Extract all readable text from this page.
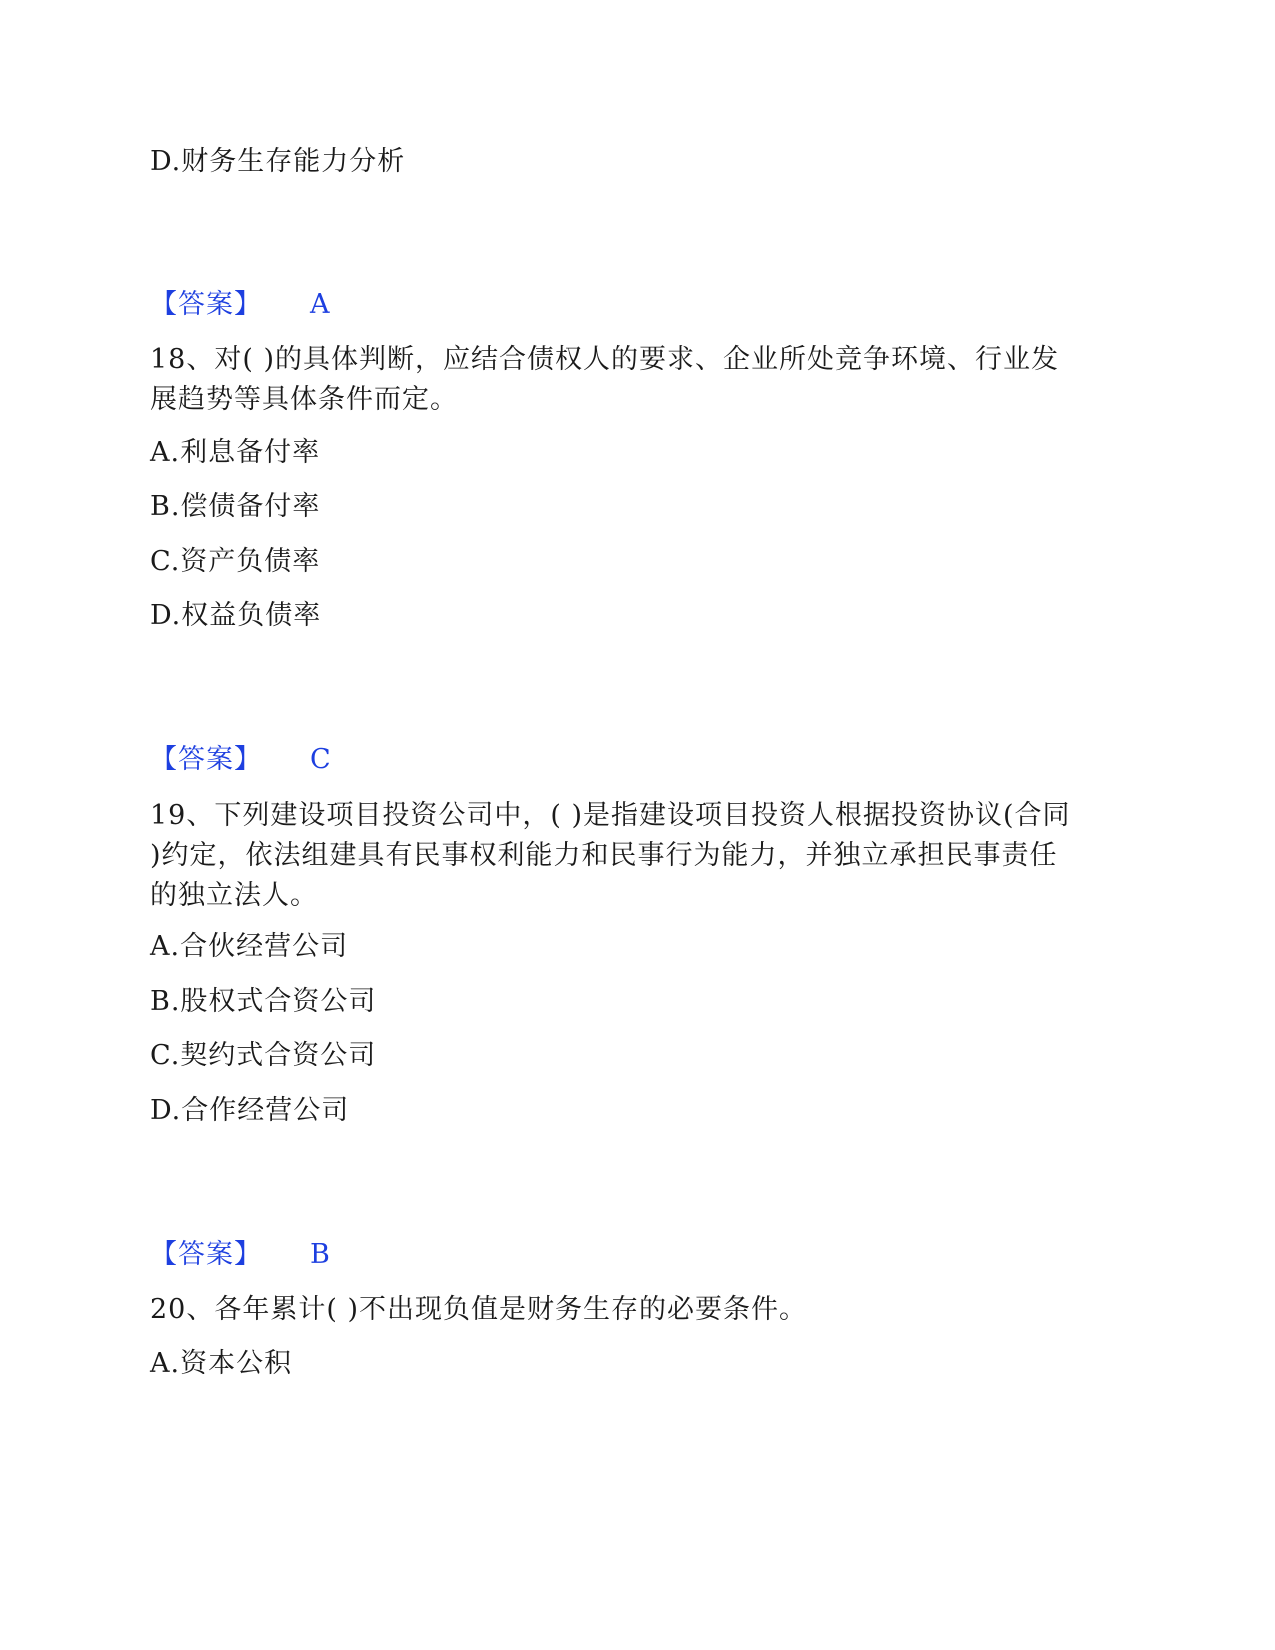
D.财务生存能力分析
【答案】 A
18、对( )的具体判断，应结合债权人的要求、企业所处竞争环境、行业发
展趋势等具体条件而定。
A.利息备付率
B.偿债备付率
C.资产负债率
D.权益负债率
【答案】 C
19、下列建设项目投资公司中，( )是指建设项目投资人根据投资协议(合同
)约定，依法组建具有民事权利能力和民事行为能力，并独立承担民事责任
的独立法人。
A.合伙经营公司
B.股权式合资公司
C.契约式合资公司
D.合作经营公司
【答案】 B
20、各年累计( )不出现负值是财务生存的必要条件。
A.资本公积
